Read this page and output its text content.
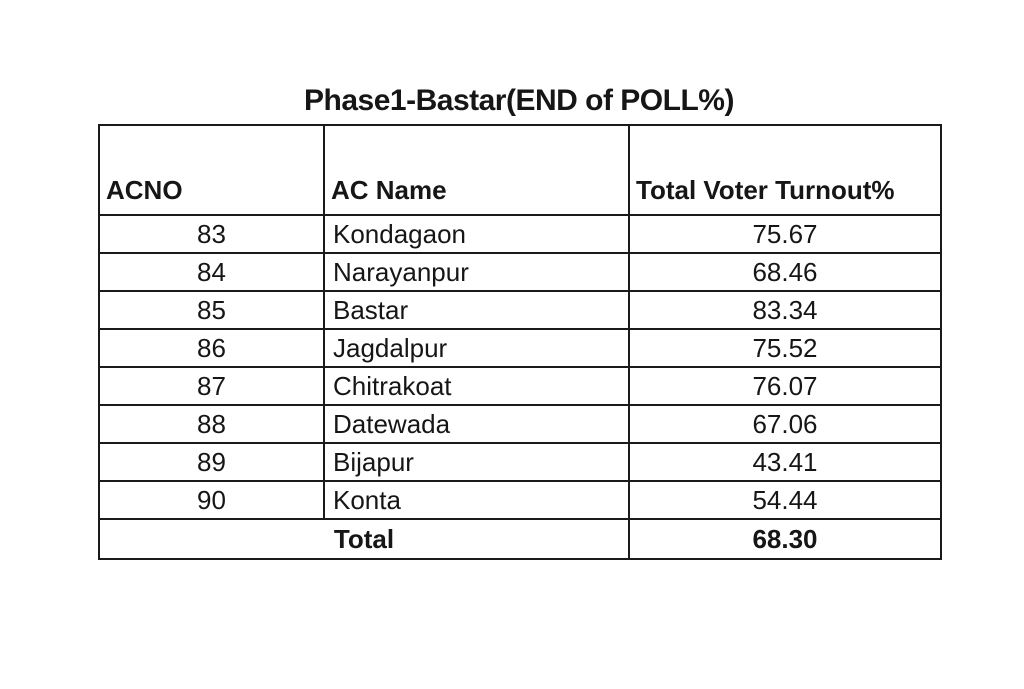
Phase1-Bastar(END of POLL%)
ACNO	AC Name	Total Voter Turnout%
83	Kondagaon	75.67
84	Narayanpur	68.46
85	Bastar	83.34
86	Jagdalpur	75.52
87	Chitrakoat	76.07
88	Datewada	67.06
89	Bijapur	43.41
90	Konta	54.44
Total		68.30
